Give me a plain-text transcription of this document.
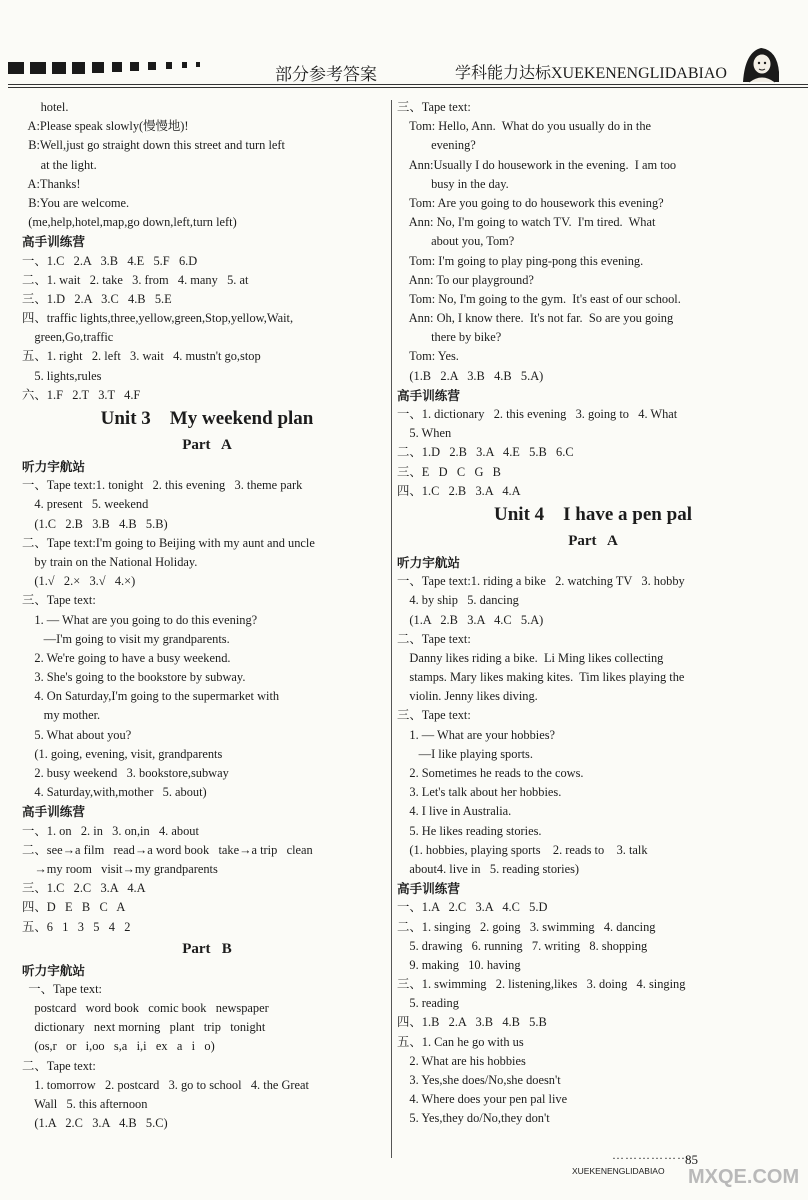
部分参考答案	学科能力达标XUEKENENGLIDABIAO
hotel.
A:Please speak slowly(慢慢地)!
B:Well,just go straight down this street and turn left
at the light.
A:Thanks!
B:You are welcome.
(me,help,hotel,map,go down,left,turn left)
高手训练营
一、1.C   2.A   3.B   4.E   5.F   6.D
二、1. wait   2. take   3. from   4. many   5. at
三、1.D   2.A   3.C   4.B   5.E
四、traffic lights,three,yellow,green,Stop,yellow,Wait,
green,Go,traffic
五、1. right   2. left   3. wait   4. mustn't go,stop
5. lights,rules
六、1.F   2.T   3.T   4.F
Unit 3    My weekend plan
Part   A
听力宇航站
一、Tape text:1. tonight   2. this evening   3. theme park
4. present   5. weekend
(1.C   2.B   3.B   4.B   5.B)
二、Tape text:I'm going to Beijing with my aunt and uncle
by train on the National Holiday.
(1.√   2.×   3.√   4.×)
三、Tape text:
1. — What are you going to do this evening?
—I'm going to visit my grandparents.
2. We're going to have a busy weekend.
3. She's going to the bookstore by subway.
4. On Saturday,I'm going to the supermarket with
my mother.
5. What about you?
(1. going, evening, visit, grandparents
2. busy weekend   3. bookstore,subway
4. Saturday,with,mother   5. about)
高手训练营
一、1. on   2. in   3. on,in   4. about
二、see→a film   read→a word book   take→a trip   clean
→my room   visit→my grandparents
三、1.C   2.C   3.A   4.A
四、D   E   B   C   A
五、6   1   3   5   4   2
Part   B
听力宇航站
一、Tape text:
postcard   word book   comic book   newspaper
dictionary   next morning   plant   trip   tonight
(os,r   or   i,oo   s,a   i,i   ex   a   i   o)
二、Tape text:
1. tomorrow   2. postcard   3. go to school   4. the Great
Wall   5. this afternoon
(1.A   2.C   3.A   4.B   5.C)
三、Tape text:
Tom: Hello, Ann.  What do you usually do in the
evening?
Ann:Usually I do housework in the evening.  I am too
busy in the day.
Tom: Are you going to do housework this evening?
Ann: No, I'm going to watch TV.  I'm tired.  What
about you, Tom?
Tom: I'm going to play ping-pong this evening.
Ann: To our playground?
Tom: No, I'm going to the gym.  It's east of our school.
Ann: Oh, I know there.  It's not far.  So are you going
there by bike?
Tom: Yes.
(1.B   2.A   3.B   4.B   5.A)
高手训练营
一、1. dictionary   2. this evening   3. going to   4. What
5. When
二、1.D   2.B   3.A   4.E   5.B   6.C
三、E   D   C   G   B
四、1.C   2.B   3.A   4.A
Unit 4    I have a pen pal
Part   A
听力宇航站
一、Tape text:1. riding a bike   2. watching TV   3. hobby
4. by ship   5. dancing
(1.A   2.B   3.A   4.C   5.A)
二、Tape text:
Danny likes riding a bike.  Li Ming likes collecting
stamps. Mary likes making kites.  Tim likes playing the
violin. Jenny likes diving.
三、Tape text:
1. — What are your hobbies?
—I like playing sports.
2. Sometimes he reads to the cows.
3. Let's talk about her hobbies.
4. I live in Australia.
5. He likes reading stories.
(1. hobbies, playing sports    2. reads to    3. talk
about4. live in   5. reading stories)
高手训练营
一、1.A   2.C   3.A   4.C   5.D
二、1. singing   2. going   3. swimming   4. dancing
5. drawing   6. running   7. writing   8. shopping
9. making   10. having
三、1. swimming   2. listening,likes   3. doing   4. singing
5. reading
四、1.B   2.A   3.B   4.B   5.B
五、1. Can he go with us
2. What are his hobbies
3. Yes,she does/No,she doesn't
4. Where does your pen pal live
5. Yes,they do/No,they don't
………………
85
XUEKENENGLIDABIAO MXQE.COM
